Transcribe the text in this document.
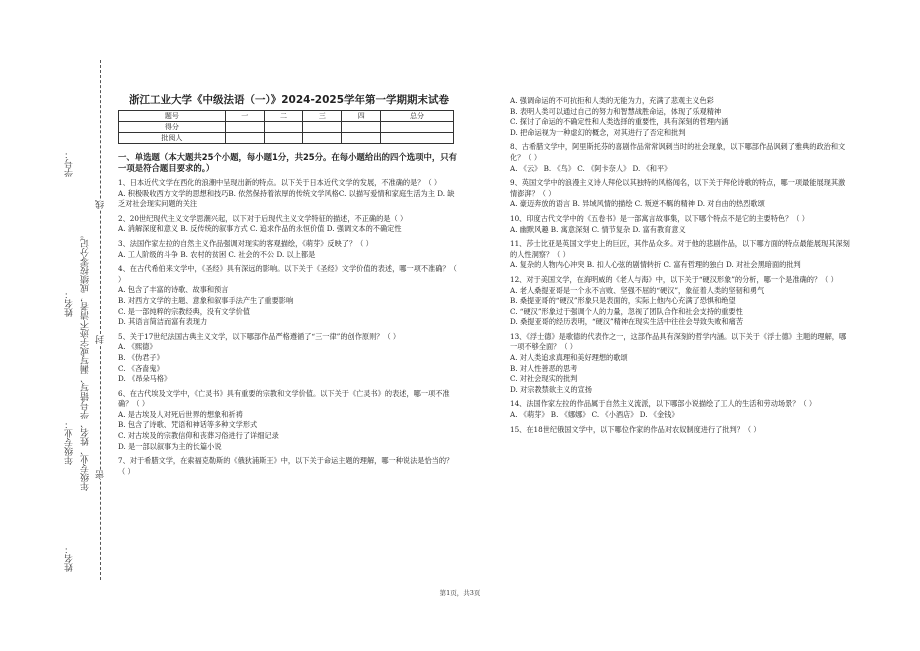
学号：
姓名：
年级专业：
姓名：
年级专业、姓名、学号错写、漏写或字迹不清者，成绩按零分记。
线
封
密
浙江工业大学《中级法语（一）》2024-2025学年第一学期期末试卷
题号	一	二	三	四	总分
得分					
批阅人					
一、单选题（本大题共25个小题，每小题1分，共25分。在每小题给出的四个选项中，只有一项是符合题目要求的。）

1、日本近代文学在西化的浪潮中呈现出新的特点。以下关于日本近代文学的发展，不准确的是？（ ）

A. 积极吸收西方文学的思想和技巧B. 依然保持着浓厚的传统文学风格C. 以描写爱情和家庭生活为主 D. 缺乏对社会现实问题的关注

2、20世纪现代主义文学思潮兴起，以下对于后现代主义文学特征的描述，不正确的是（ ）

A. 消解深度和意义 B. 反传统的叙事方式 C. 追求作品的永恒价值 D. 强调文本的不确定性

3、法国作家左拉的自然主义作品强调对现实的客观描绘，《萌芽》反映了？（ ）

A. 工人阶级的斗争 B. 农村的贫困 C. 社会的不公 D. 以上都是

4、在古代希伯来文学中，《圣经》具有深远的影响。以下关于《圣经》文学价值的表述，哪一项不准确？（ ）

A. 包含了丰富的诗歌、故事和预言

B. 对西方文学的主题、意象和叙事手法产生了重要影响

C. 是一部纯粹的宗教经典，没有文学价值

D. 其语言简洁而富有表现力

5、关于17世纪法国古典主义文学，以下哪部作品严格遵循了“三一律”的创作原则？（ ）

A. 《熙德》

B. 《伪君子》

C. 《吝啬鬼》

D. 《昂朵马格》

6、在古代埃及文学中，《亡灵书》具有重要的宗教和文学价值。以下关于《亡灵书》的表述，哪一项不准确？（ ）

A. 是古埃及人对死后世界的想象和祈祷

B. 包含了诗歌、咒语和神话等多种文学形式

C. 对古埃及的宗教信仰和丧葬习俗进行了详细记录

D. 是一部以叙事为主的长篇小说

7、对于希腊文学，在索福克勒斯的《俄狄浦斯王》中，以下关于命运主题的理解，哪一种说法是恰当的？（ ）

A. 强调命运的不可抗拒和人类的无能为力，充满了悲观主义色彩

B. 表明人类可以通过自己的努力和智慧战胜命运，体现了乐观精神

C. 探讨了命运的不确定性和人类选择的重要性，具有深刻的哲理内涵

D. 把命运视为一种虚幻的概念，对其进行了否定和批判

8、古希腊文学中，阿里斯托芬的喜剧作品常常讽刺当时的社会现象，以下哪部作品讽刺了雅典的政治和文化？（ ）

A. 《云》 B. 《鸟》 C. 《阿卡奈人》 D. 《和平》

9、英国文学中的浪漫主义诗人拜伦以其独特的风格闻名，以下关于拜伦诗歌的特点，哪一项最能展现其激情澎湃？（ ）

A. 豪迈奔放的语言 B. 异域风情的描绘 C. 叛逆不羁的精神 D. 对自由的热烈歌颂

10、印度古代文学中的《五卷书》是一部寓言故事集，以下哪个特点不是它的主要特色？（ ）

A. 幽默风趣 B. 寓意深刻 C. 情节复杂 D. 富有教育意义

11、莎士比亚是英国文学史上的巨匠，其作品众多。对于他的悲剧作品，以下哪方面的特点最能展现其深刻的人性洞察？（ ）

A. 复杂的人物内心冲突 B. 扣人心弦的剧情转折 C. 富有哲理的独白 D. 对社会黑暗面的批判

12、对于美国文学，在海明威的《老人与海》中，以下关于“硬汉形象”的分析，哪一个是准确的？（ ）

A. 老人桑提亚哥是一个永不言败、坚强不屈的“硬汉”，象征着人类的坚韧和勇气

B. 桑提亚哥的“硬汉”形象只是表面的，实际上他内心充满了恐惧和绝望

C. “硬汉”形象过于强调个人的力量，忽视了团队合作和社会支持的重要性

D. 桑提亚哥的经历表明，“硬汉”精神在现实生活中往往会导致失败和痛苦

13、《浮士德》是歌德的代表作之一，这部作品具有深刻的哲学内涵。以下关于《浮士德》主题的理解，哪一项不够全面？（ ）

A. 对人类追求真理和美好理想的歌颂

B. 对人性善恶的思考

C. 对社会现实的批判

D. 对宗教禁欲主义的宣扬

14、法国作家左拉的作品属于自然主义流派，以下哪部小说描绘了工人的生活和劳动场景？（ ）

A. 《萌芽》 B. 《娜娜》 C. 《小酒店》 D. 《金钱》

15、在18世纪俄国文学中，以下哪位作家的作品对农奴制度进行了批判？（ ）

第1页，共3页
